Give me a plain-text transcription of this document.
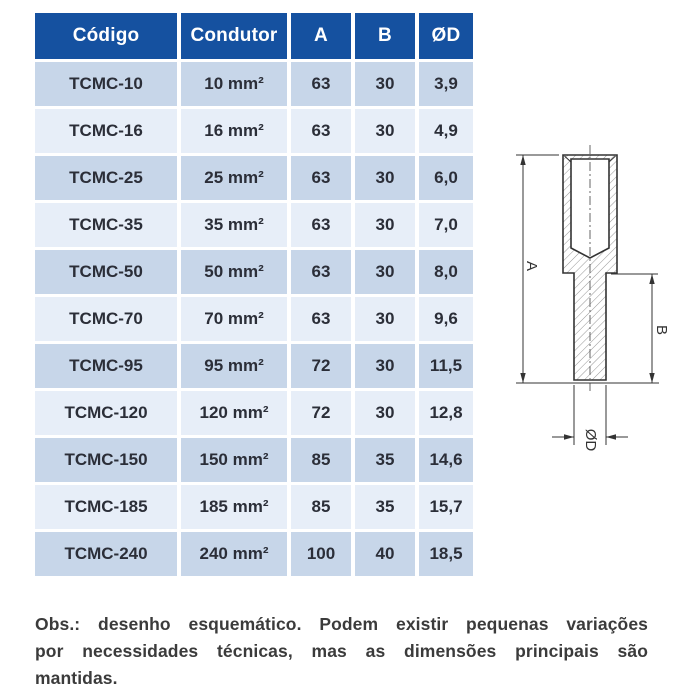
Código	Condutor	A	B	ØD
TCMC-10	10 mm²	63	30	3,9
TCMC-16	16 mm²	63	30	4,9
TCMC-25	25 mm²	63	30	6,0
TCMC-35	35 mm²	63	30	7,0
TCMC-50	50 mm²	63	30	8,0
TCMC-70	70 mm²	63	30	9,6
TCMC-95	95 mm²	72	30	11,5
TCMC-120	120 mm²	72	30	12,8
TCMC-150	150 mm²	85	35	14,6
TCMC-185	185 mm²	85	35	15,7
TCMC-240	240 mm²	100	40	18,5
A
B
ØD
Obs.: desenho esquemático. Podem existir pequenas variações
por necessidades técnicas, mas as dimensões principais são
mantidas.
